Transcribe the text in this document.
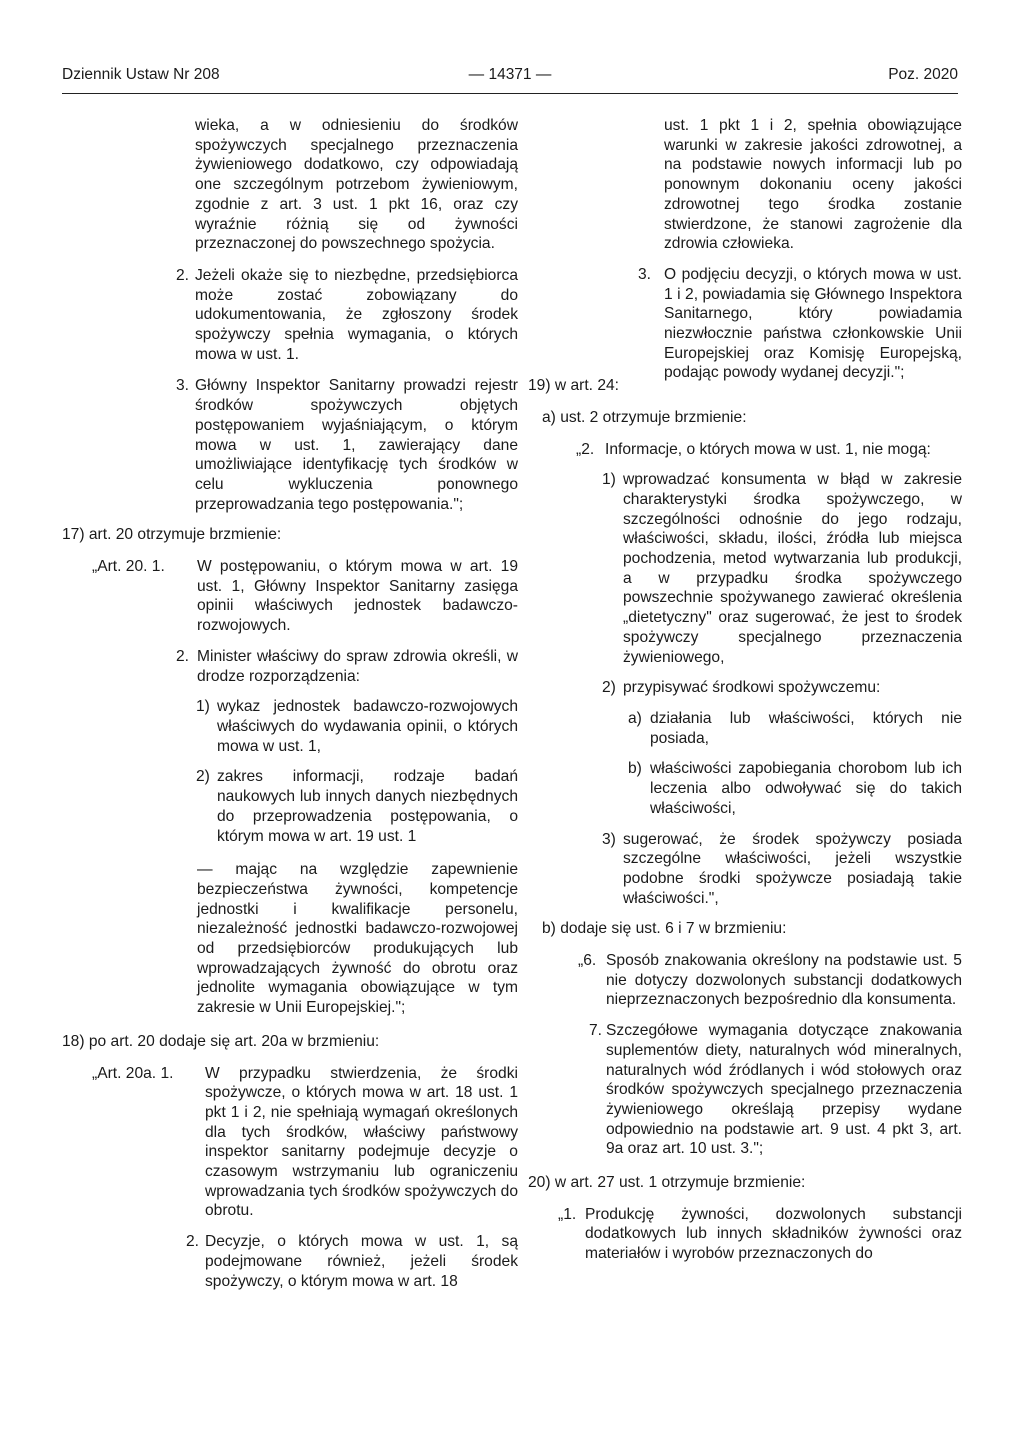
Dziennik Ustaw Nr 208	— 14371 —	Poz. 2020
wieka, a w odniesieniu do środków spożywczych specjalnego przeznaczenia żywieniowego dodatkowo, czy odpowiadają one szczególnym potrzebom żywieniowym, zgodnie z art. 3 ust. 1 pkt 16, oraz czy wyraźnie różnią się od żywności przeznaczonej do powszechnego spożycia.
2. Jeżeli okaże się to niezbędne, przedsiębiorca może zostać zobowiązany do udokumentowania, że zgłoszony środek spożywczy spełnia wymagania, o których mowa w ust. 1.
3. Główny Inspektor Sanitarny prowadzi rejestr środków spożywczych objętych postępowaniem wyjaśniającym, o którym mowa w ust. 1, zawierający dane umożliwiające identyfikację tych środków w celu wykluczenia ponownego przeprowadzania tego postępowania.";
17) art. 20 otrzymuje brzmienie:
„Art. 20. 1. W postępowaniu, o którym mowa w art. 19 ust. 1, Główny Inspektor Sanitarny zasięga opinii właściwych jednostek badawczo-rozwojowych.
2. Minister właściwy do spraw zdrowia określi, w drodze rozporządzenia:
1) wykaz jednostek badawczo-rozwojowych właściwych do wydawania opinii, o których mowa w ust. 1,
2) zakres informacji, rodzaje badań naukowych lub innych danych niezbędnych do przeprowadzenia postępowania, o którym mowa w art. 19 ust. 1
— mając na względzie zapewnienie bezpieczeństwa żywności, kompetencje jednostki i kwalifikacje personelu, niezależność jednostki badawczo-rozwojowej od przedsiębiorców produkujących lub wprowadzających żywność do obrotu oraz jednolite wymagania obowiązujące w tym zakresie w Unii Europejskiej.";
18) po art. 20 dodaje się art. 20a w brzmieniu:
„Art. 20a. 1. W przypadku stwierdzenia, że środki spożywcze, o których mowa w art. 18 ust. 1 pkt 1 i 2, nie spełniają wymagań określonych dla tych środków, właściwy państwowy inspektor sanitarny podejmuje decyzje o czasowym wstrzymaniu lub ograniczeniu wprowadzania tych środków spożywczych do obrotu.
2. Decyzje, o których mowa w ust. 1, są podejmowane również, jeżeli środek spożywczy, o którym mowa w art. 18
ust. 1 pkt 1 i 2, spełnia obowiązujące warunki w zakresie jakości zdrowotnej, a na podstawie nowych informacji lub po ponownym dokonaniu oceny jakości zdrowotnej tego środka zostanie stwierdzone, że stanowi zagrożenie dla zdrowia człowieka.
3. O podjęciu decyzji, o których mowa w ust. 1 i 2, powiadamia się Głównego Inspektora Sanitarnego, który powiadamia niezwłocznie państwa członkowskie Unii Europejskiej oraz Komisję Europejską, podając powody wydanej decyzji.";
19) w art. 24:
a) ust. 2 otrzymuje brzmienie:
„2. Informacje, o których mowa w ust. 1, nie mogą:
1) wprowadzać konsumenta w błąd w zakresie charakterystyki środka spożywczego, w szczególności odnośnie do jego rodzaju, właściwości, składu, ilości, źródła lub miejsca pochodzenia, metod wytwarzania lub produkcji, a w przypadku środka spożywczego powszechnie spożywanego zawierać określenia „dietetyczny" oraz sugerować, że jest to środek spożywczy specjalnego przeznaczenia żywieniowego,
2) przypisywać środkowi spożywczemu:
a) działania lub właściwości, których nie posiada,
b) właściwości zapobiegania chorobom lub ich leczenia albo odwoływać się do takich właściwości,
3) sugerować, że środek spożywczy posiada szczególne właściwości, jeżeli wszystkie podobne środki spożywcze posiadają takie właściwości.",
b) dodaje się ust. 6 i 7 w brzmieniu:
„6. Sposób znakowania określony na podstawie ust. 5 nie dotyczy dozwolonych substancji dodatkowych nieprzeznaczonych bezpośrednio dla konsumenta.
7. Szczegółowe wymagania dotyczące znakowania suplementów diety, naturalnych wód mineralnych, naturalnych wód źródlanych i wód stołowych oraz środków spożywczych specjalnego przeznaczenia żywieniowego określają przepisy wydane odpowiednio na podstawie art. 9 ust. 4 pkt 3, art. 9a oraz art. 10 ust. 3.";
20) w art. 27 ust. 1 otrzymuje brzmienie:
„1. Produkcję żywności, dozwolonych substancji dodatkowych lub innych składników żywności oraz materiałów i wyrobów przeznaczonych do
